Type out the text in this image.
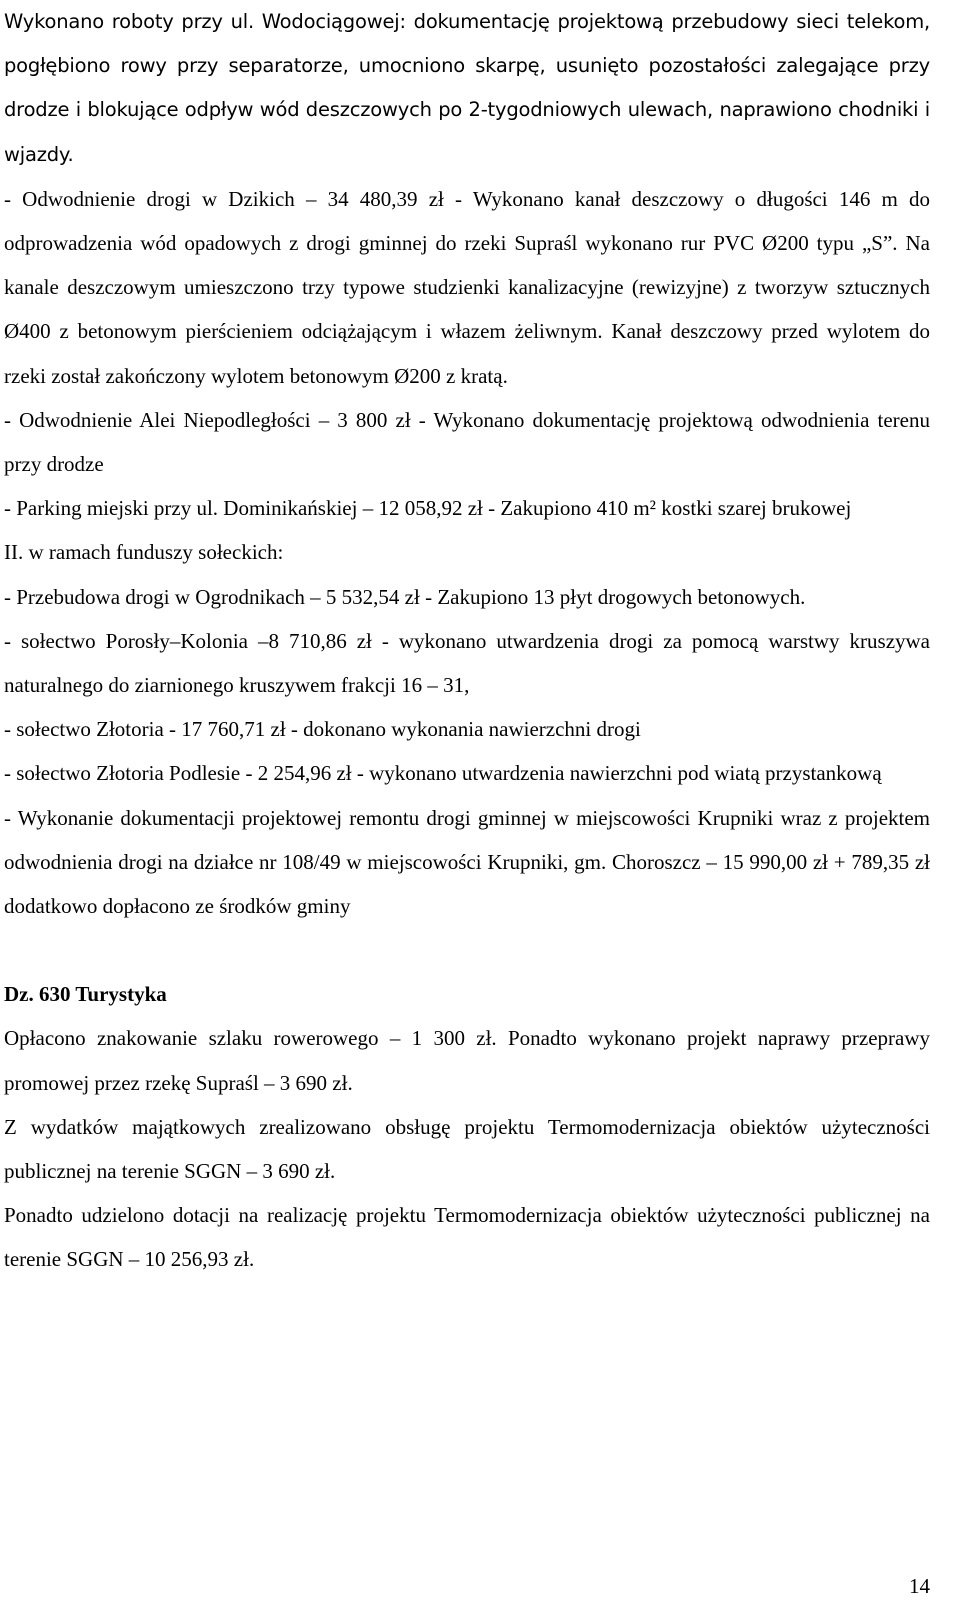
Wykonano roboty przy ul. Wodociągowej: dokumentację projektową przebudowy sieci telekom, pogłębiono rowy przy separatorze, umocniono skarpę, usunięto pozostałości zalegające przy drodze i blokujące odpływ wód deszczowych po 2-tygodniowych ulewach, naprawiono chodniki i wjazdy.

- Odwodnienie drogi w Dzikich – 34 480,39 zł - Wykonano kanał deszczowy o długości 146 m do odprowadzenia wód opadowych z drogi gminnej do rzeki Supraśl wykonano rur PVC Ø200 typu „S”. Na kanale deszczowym umieszczono trzy typowe studzienki kanalizacyjne (rewizyjne) z tworzyw sztucznych Ø400 z betonowym pierścieniem odciążającym i włazem żeliwnym. Kanał deszczowy przed wylotem do rzeki został zakończony wylotem betonowym Ø200 z kratą.

- Odwodnienie Alei Niepodległości – 3 800 zł - Wykonano dokumentację projektową odwodnienia terenu przy drodze

- Parking miejski przy ul. Dominikańskiej – 12 058,92 zł - Zakupiono 410 m² kostki szarej brukowej

II. w ramach funduszy sołeckich:

- Przebudowa drogi w Ogrodnikach – 5 532,54 zł - Zakupiono 13 płyt drogowych betonowych.

- sołectwo Porosły–Kolonia –8 710,86 zł - wykonano utwardzenia drogi za pomocą warstwy kruszywa naturalnego do ziarnionego kruszywem frakcji 16 – 31,

- sołectwo Złotoria - 17 760,71 zł - dokonano wykonania nawierzchni drogi

- sołectwo Złotoria Podlesie - 2 254,96 zł - wykonano utwardzenia nawierzchni pod wiatą przystankową

- Wykonanie dokumentacji projektowej remontu drogi gminnej w miejscowości Krupniki wraz z projektem odwodnienia drogi na działce nr 108/49 w miejscowości Krupniki, gm. Choroszcz – 15 990,00 zł + 789,35 zł dodatkowo dopłacono ze środków gminy

Dz. 630 Turystyka

Opłacono znakowanie szlaku rowerowego – 1 300 zł. Ponadto wykonano projekt naprawy przeprawy promowej przez rzekę Supraśl – 3 690 zł.

Z wydatków majątkowych zrealizowano obsługę projektu Termomodernizacja obiektów użyteczności publicznej na terenie SGGN – 3 690 zł.

Ponadto udzielono dotacji na realizację projektu Termomodernizacja obiektów użyteczności publicznej na terenie SGGN – 10 256,93 zł.

14
